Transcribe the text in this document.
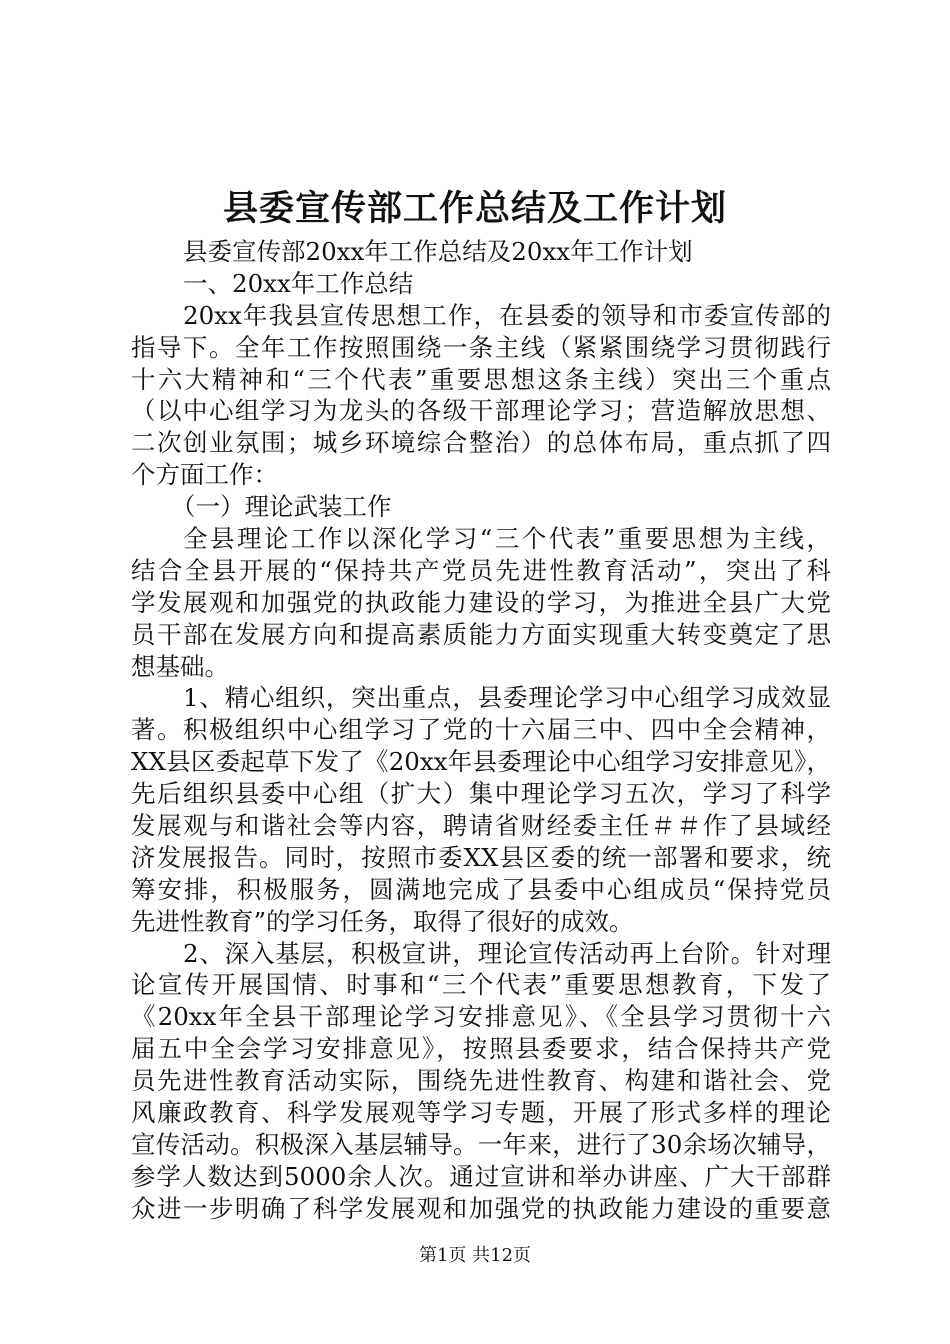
县委宣传部工作总结及工作计划
县委宣传部20xx年工作总结及20xx年工作计划
一、20xx年工作总结
20xx年我县宣传思想工作，在县委的领导和市委宣传部的
指导下。全年工作按照围绕一条主线（紧紧围绕学习贯彻践行
十六大精神和“三个代表”重要思想这条主线）突出三个重点
（以中心组学习为龙头的各级干部理论学习；营造解放思想、
二次创业氛围；城乡环境综合整治）的总体布局，重点抓了四
个方面工作：
（一）理论武装工作
全县理论工作以深化学习“三个代表”重要思想为主线，
结合全县开展的“保持共产党员先进性教育活动”，突出了科
学发展观和加强党的执政能力建设的学习，为推进全县广大党
员干部在发展方向和提高素质能力方面实现重大转变奠定了思
想基础。
1、精心组织，突出重点，县委理论学习中心组学习成效显
著。积极组织中心组学习了党的十六届三中、四中全会精神，
XX县区委起草下发了《20xx年县委理论中心组学习安排意见》，
先后组织县委中心组（扩大）集中理论学习五次，学习了科学
发展观与和谐社会等内容，聘请省财经委主任＃＃作了县域经
济发展报告。同时，按照市委XX县区委的统一部署和要求，统
筹安排，积极服务，圆满地完成了县委中心组成员“保持党员
先进性教育”的学习任务，取得了很好的成效。
2、深入基层，积极宣讲，理论宣传活动再上台阶。针对理
论宣传开展国情、时事和“三个代表”重要思想教育，下发了
《20xx年全县干部理论学习安排意见》、《全县学习贯彻十六
届五中全会学习安排意见》，按照县委要求，结合保持共产党
员先进性教育活动实际，围绕先进性教育、构建和谐社会、党
风廉政教育、科学发展观等学习专题，开展了形式多样的理论
宣传活动。积极深入基层辅导。一年来，进行了30余场次辅导，
参学人数达到5000余人次。通过宣讲和举办讲座、广大干部群
众进一步明确了科学发展观和加强党的执政能力建设的重要意
第1页 共12页
